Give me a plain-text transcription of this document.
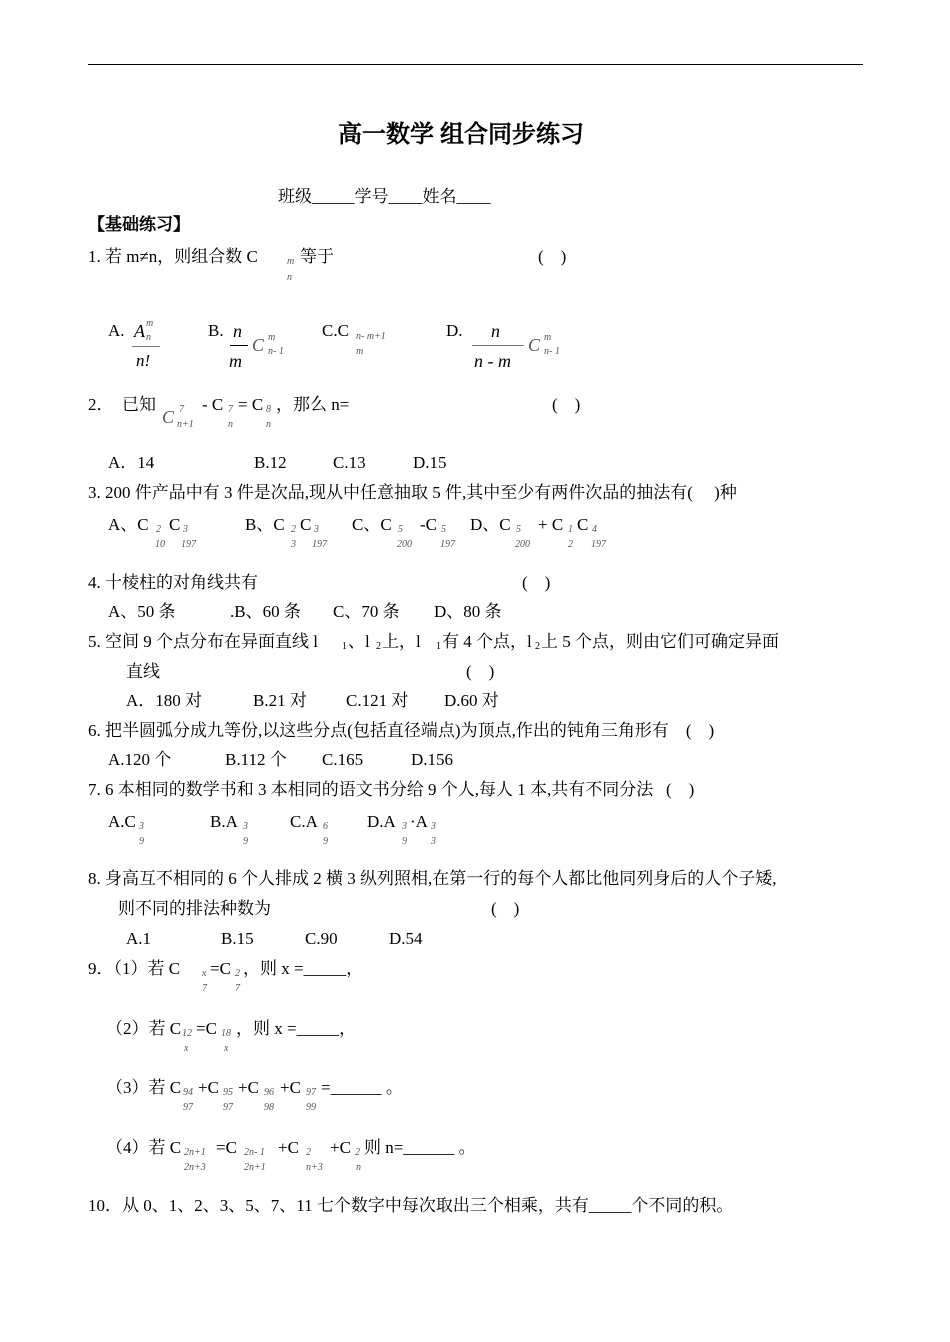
高一数学 组合同步练习
班级_____学号____姓名____
【基础练习】
1. 若 m≠n，则组合数 C	m
n
等于	(    )
A. A m
n
n!
B. n
m
C m
n- 1
C.C n- m+1
m
D. n
n - m
C m
n- 1
2．  已知
C 7
n+1
- C 7
n
= C 8
n
，那么 n=	(    )
A．14	B.12	C.13	D.15
3. 200 件产品中有 3 件是次品,现从中任意抽取 5 件,其中至少有两件次品的抽法有(     )种
A、C 2
10
C 3
197
B、C 2
3
C 3
197
C、C 5
200
-C 5
197
D、C 5
200
+ C 1
2
C 4
197
4. 十棱柱的对角线共有	(    )
A、50 条	.B、60 条 C、70 条 D、80 条
5. 空间 9 个点分布在异面直线 l 1 、l 2 上，l 1 有 4 个点，l 2 上 5 个点，则由它们可确定异面
直线	(    )
A．180 对	B.21 对 C.121 对 D.60 对
6. 把半圆弧分成九等份,以这些分点(包括直径端点)为顶点,作出的钝角三角形有    (    )
A.120 个	B.112 个 C.165	D.156
7. 6 本相同的数学书和 3 本相同的语文书分给 9 个人,每人 1 本,共有不同分法   (    )
A.C 3
9
B.A 3
9
C.A 6
9
D.A 3
9
·A 3
3
8. 身高互不相同的 6 个人排成 2 横 3 纵列照相,在第一行的每个人都比他同列身后的人个子矮,
则不同的排法种数为	(    )
A.1	B.15	C.90	D.54
9．（1）若 C x
7
=C 2
7
，则 x =_____，
（2）若 C 12
x
=C 18
x
，则 x =_____，
（3）若 C 94
97
+C 95
97
+C 96
98
+C 97
99
=______ 。
（4）若 C 2n+1
2n+3
=C 2n- 1
2n+1
+C 2
n+3
+C 2
n
则 n=______ 。
10．从 0、1、2、3、5、7、11 七个数字中每次取出三个相乘，共有_____个不同的积。
